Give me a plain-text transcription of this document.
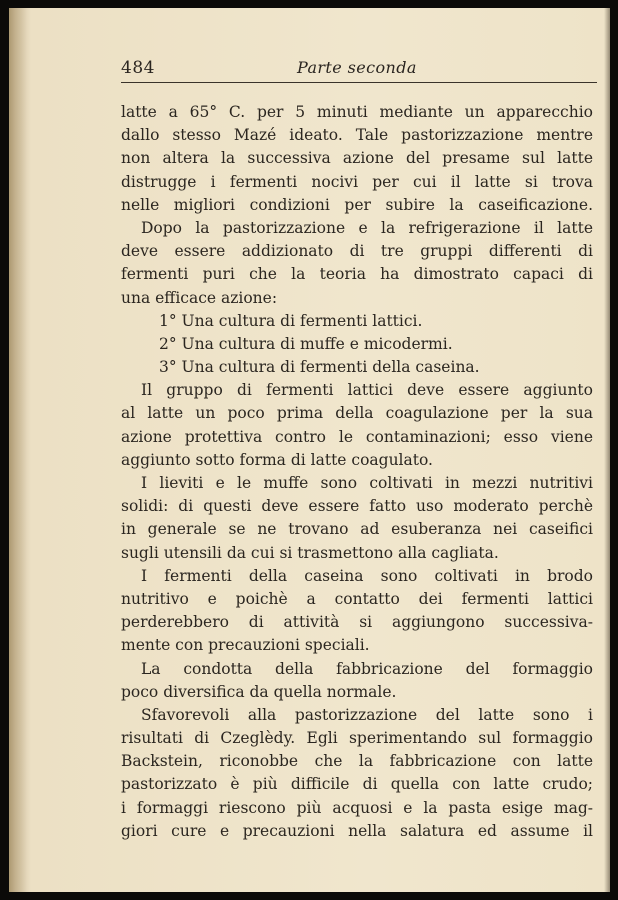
484	Parte seconda
latte a 65° C. per 5 minuti mediante un apparecchio
dallo stesso Mazé ideato. Tale pastorizzazione mentre
non altera la successiva azione del presame sul latte
distrugge i fermenti nocivi per cui il latte si trova
nelle migliori condizioni per subire la caseificazione.
Dopo la pastorizzazione e la refrigerazione il latte
deve essere addizionato di tre gruppi differenti di
fermenti puri che la teoria ha dimostrato capaci di
una efficace azione:
1° Una cultura di fermenti lattici.
2° Una cultura di muffe e micodermi.
3° Una cultura di fermenti della caseina.
Il gruppo di fermenti lattici deve essere aggiunto
al latte un poco prima della coagulazione per la sua
azione protettiva contro le contaminazioni; esso viene
aggiunto sotto forma di latte coagulato.
I lieviti e le muffe sono coltivati in mezzi nutritivi
solidi: di questi deve essere fatto uso moderato perchè
in generale se ne trovano ad esuberanza nei caseifici
sugli utensili da cui si trasmettono alla cagliata.
I fermenti della caseina sono coltivati in brodo
nutritivo e poichè a contatto dei fermenti lattici
perderebbero di attività si aggiungono successiva-
mente con precauzioni speciali.
La condotta della fabbricazione del formaggio
poco diversifica da quella normale.
Sfavorevoli alla pastorizzazione del latte sono i
risultati di Czeglèdy. Egli sperimentando sul formaggio
Backstein, riconobbe che la fabbricazione con latte
pastorizzato è più difficile di quella con latte crudo;
i formaggi riescono più acquosi e la pasta esige mag-
giori cure e precauzioni nella salatura ed assume il
